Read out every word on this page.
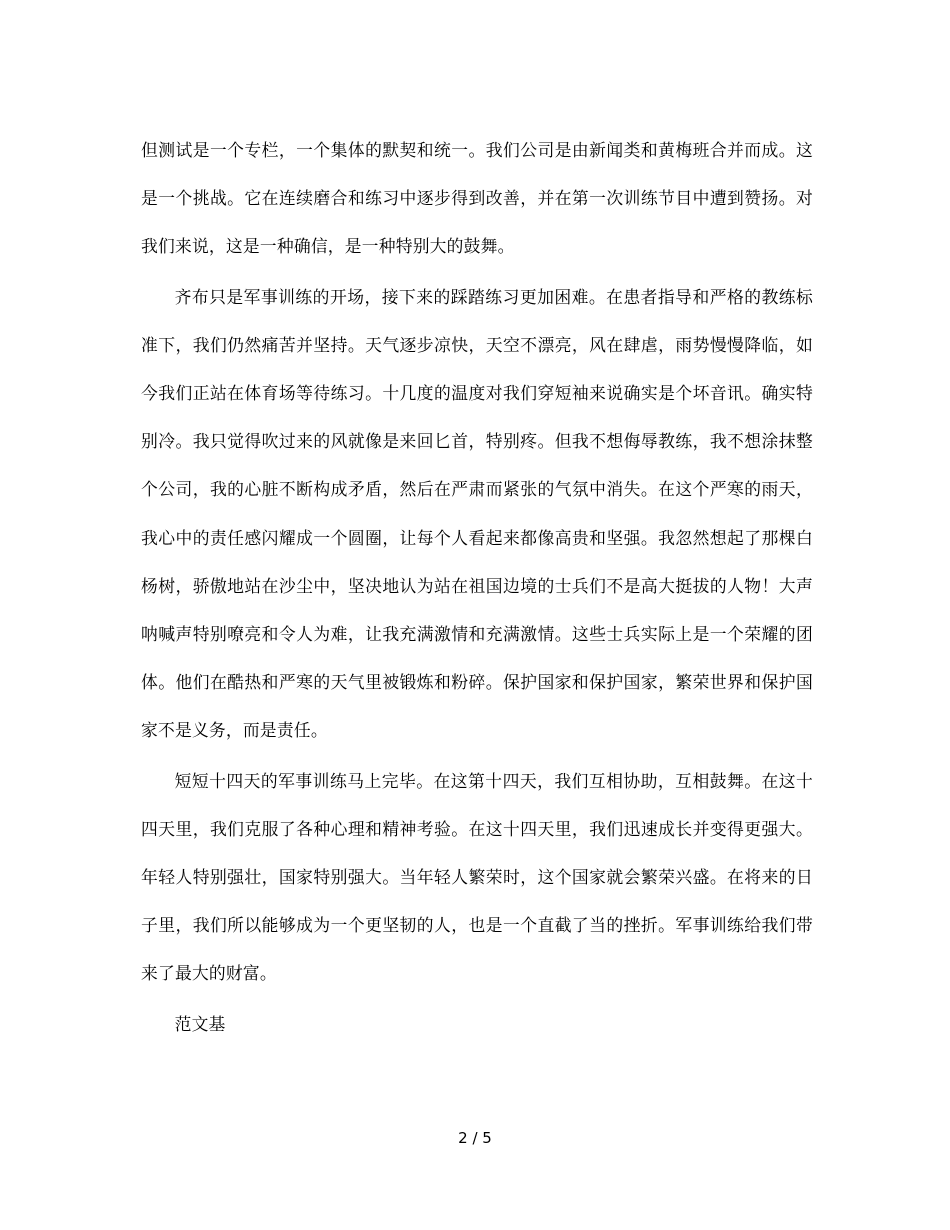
但测试是一个专栏，一个集体的默契和统一。我们公司是由新闻类和黄梅班合并而成。这是一个挑战。它在连续磨合和练习中逐步得到改善，并在第一次训练节目中遭到赞扬。对我们来说，这是一种确信，是一种特别大的鼓舞。

齐布只是军事训练的开场，接下来的踩踏练习更加困难。在患者指导和严格的教练标准下，我们仍然痛苦并坚持。天气逐步凉快，天空不漂亮，风在肆虐，雨势慢慢降临，如今我们正站在体育场等待练习。十几度的温度对我们穿短袖来说确实是个坏音讯。确实特别冷。我只觉得吹过来的风就像是来回匕首，特别疼。但我不想侮辱教练，我不想涂抹整个公司，我的心脏不断构成矛盾，然后在严肃而紧张的气氛中消失。在这个严寒的雨天，我心中的责任感闪耀成一个圆圈，让每个人看起来都像高贵和坚强。我忽然想起了那棵白杨树，骄傲地站在沙尘中，坚决地认为站在祖国边境的士兵们不是高大挺拔的人物！大声呐喊声特别嘹亮和令人为难，让我充满激情和充满激情。这些士兵实际上是一个荣耀的团体。他们在酷热和严寒的天气里被锻炼和粉碎。保护国家和保护国家，繁荣世界和保护国家不是义务，而是责任。

短短十四天的军事训练马上完毕。在这第十四天，我们互相协助，互相鼓舞。在这十四天里，我们克服了各种心理和精神考验。在这十四天里，我们迅速成长并变得更强大。年轻人特别强壮，国家特别强大。当年轻人繁荣时，这个国家就会繁荣兴盛。在将来的日子里，我们所以能够成为一个更坚韧的人，也是一个直截了当的挫折。军事训练给我们带来了最大的财富。

范文基

2 / 5
